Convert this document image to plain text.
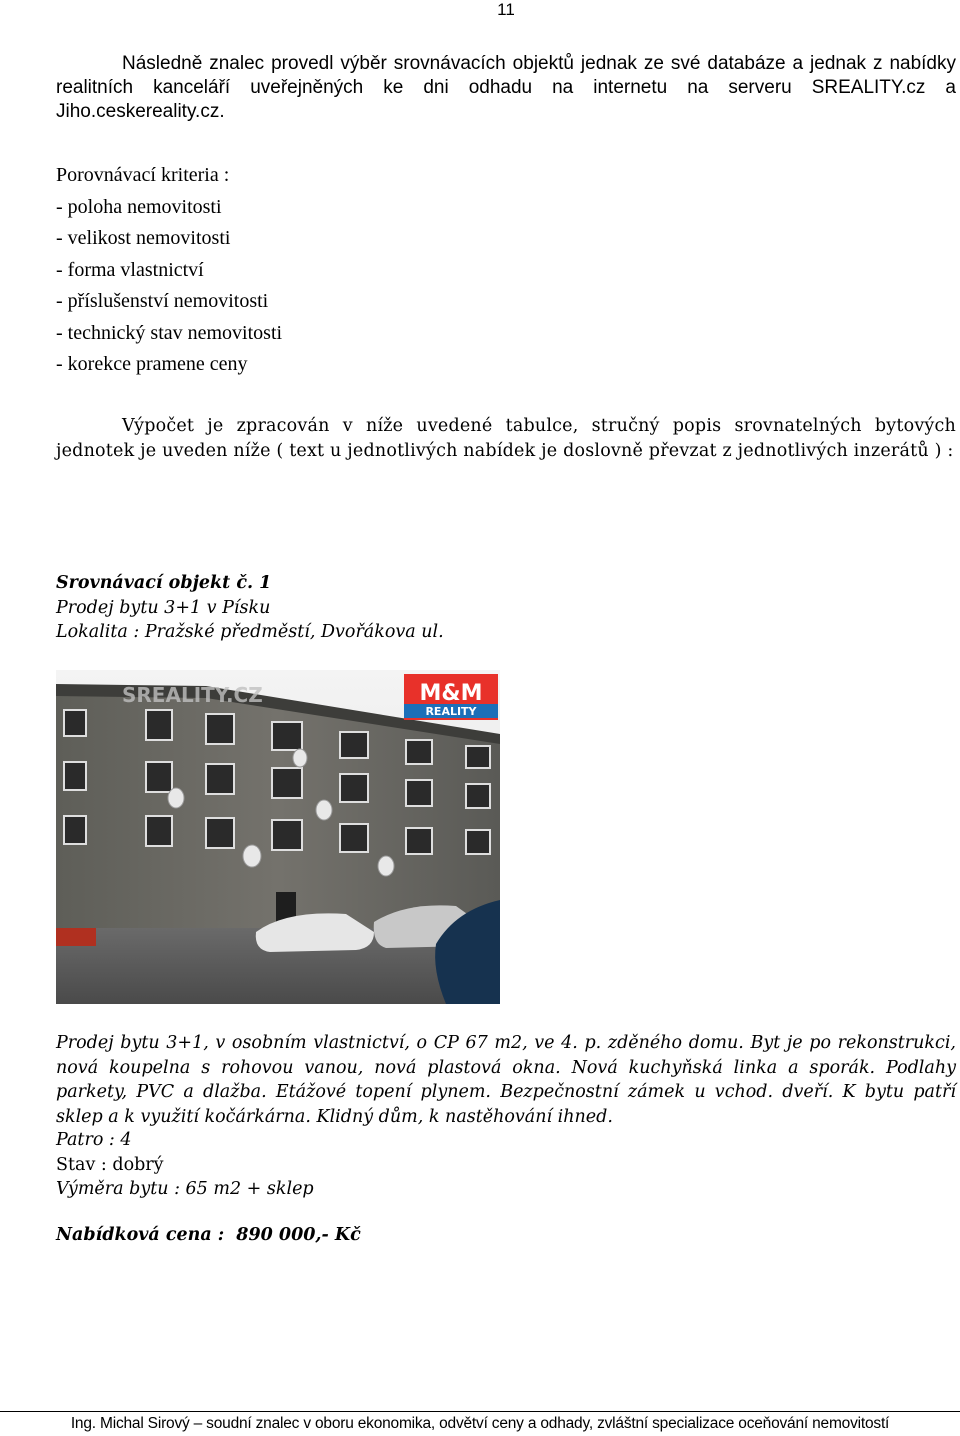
11
Následně znalec provedl výběr srovnávacích objektů jednak ze své databáze a jednak z nabídky realitních kanceláří uveřejněných ke dni odhadu na internetu na serveru SREALITY.cz a Jiho.ceskereality.cz.
Porovnávací kriteria :
- poloha nemovitosti
- velikost nemovitosti
- forma vlastnictví
- příslušenství nemovitosti
- technický stav nemovitosti
- korekce pramene ceny
Výpočet je zpracován v níže uvedené tabulce, stručný popis srovnatelných bytových jednotek je uveden níže ( text u jednotlivých nabídek je doslovně převzat z jednotlivých inzerátů ) :
Srovnávací objekt č. 1
Prodej bytu 3+1 v Písku
Lokalita : Pražské předměstí, Dvořákova ul.
SREALITY.CZ	M&M
REALITY
Prodej bytu 3+1, v osobním vlastnictví, o CP 67 m2, ve 4. p. zděného domu. Byt je po rekonstrukci, nová koupelna s rohovou vanou, nová plastová okna. Nová kuchyňská linka a sporák. Podlahy parkety, PVC a dlažba. Etážové topení plynem. Bezpečnostní zámek u vchod. dveří. K bytu patří sklep a k využití kočárkárna. Klidný dům, k nastěhování ihned.
Patro : 4
Stav : dobrý
Výměra bytu : 65 m2 + sklep
Nabídková cena : 890 000,- Kč
Ing. Michal Sirový – soudní znalec v oboru ekonomika, odvětví ceny a odhady, zvláštní specializace oceňování nemovitostí
